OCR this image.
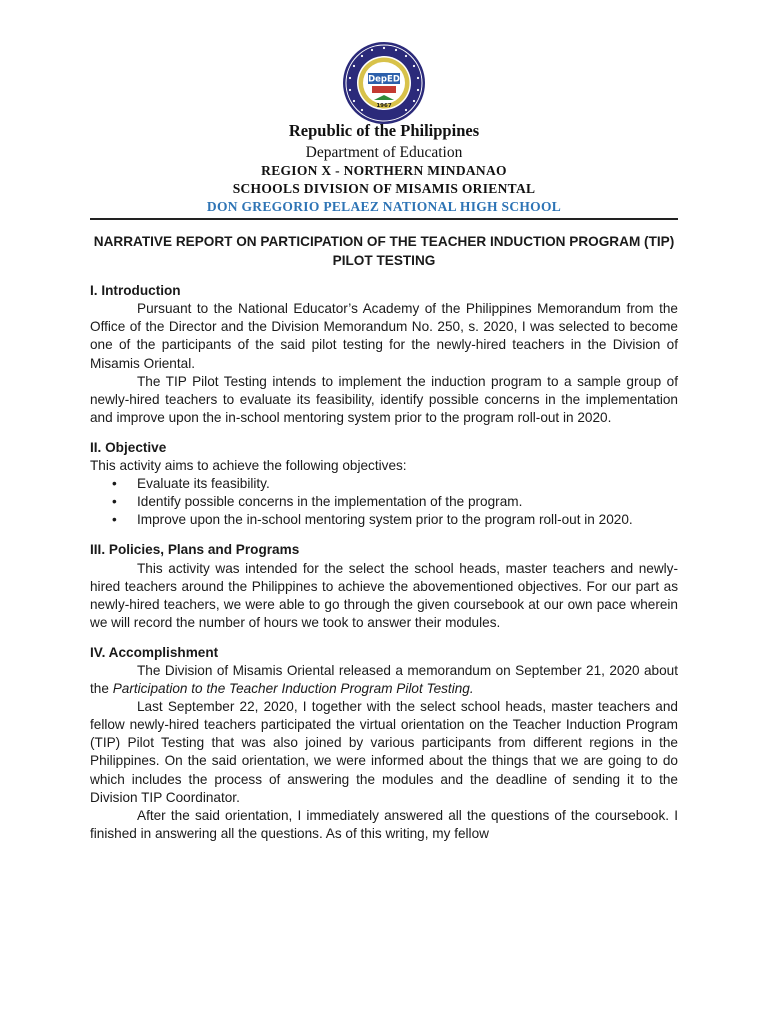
DepED
1967
Republic of the Philippines
Department of Education
REGION X - NORTHERN MINDANAO
SCHOOLS DIVISION OF MISAMIS ORIENTAL
DON GREGORIO PELAEZ NATIONAL HIGH SCHOOL
NARRATIVE REPORT ON PARTICIPATION OF THE TEACHER INDUCTION PROGRAM (TIP) PILOT TESTING
I. Introduction

Pursuant to the National Educator’s Academy of the Philippines Memorandum from the Office of the Director and the Division Memorandum No. 250, s. 2020, I was selected to become one of the participants of the said pilot testing for the newly-hired teachers in the Division of Misamis Oriental.

The TIP Pilot Testing intends to implement the induction program to a sample group of newly-hired teachers to evaluate its feasibility, identify possible concerns in the implementation and improve upon the in-school mentoring system prior to the program roll-out in 2020.

II. Objective

This activity aims to achieve the following objectives:

• Evaluate its feasibility.
• Identify possible concerns in the implementation of the program.
• Improve upon the in-school mentoring system prior to the program roll-out in 2020.
III. Policies, Plans and Programs

This activity was intended for the select the school heads, master teachers and newly-hired teachers around the Philippines to achieve the abovementioned objectives. For our part as newly-hired teachers, we were able to go through the given coursebook at our own pace wherein we will record the number of hours we took to answer their modules.

IV. Accomplishment

The Division of Misamis Oriental released a memorandum on September 21, 2020 about the Participation to the Teacher Induction Program Pilot Testing.

Last September 22, 2020, I together with the select school heads, master teachers and fellow newly-hired teachers participated the virtual orientation on the Teacher Induction Program (TIP) Pilot Testing that was also joined by various participants from different regions in the Philippines. On the said orientation, we were informed about the things that we are going to do which includes the process of answering the modules and the deadline of sending it to the Division TIP Coordinator.

After the said orientation, I immediately answered all the questions of the coursebook. I finished in answering all the questions. As of this writing, my fellow
